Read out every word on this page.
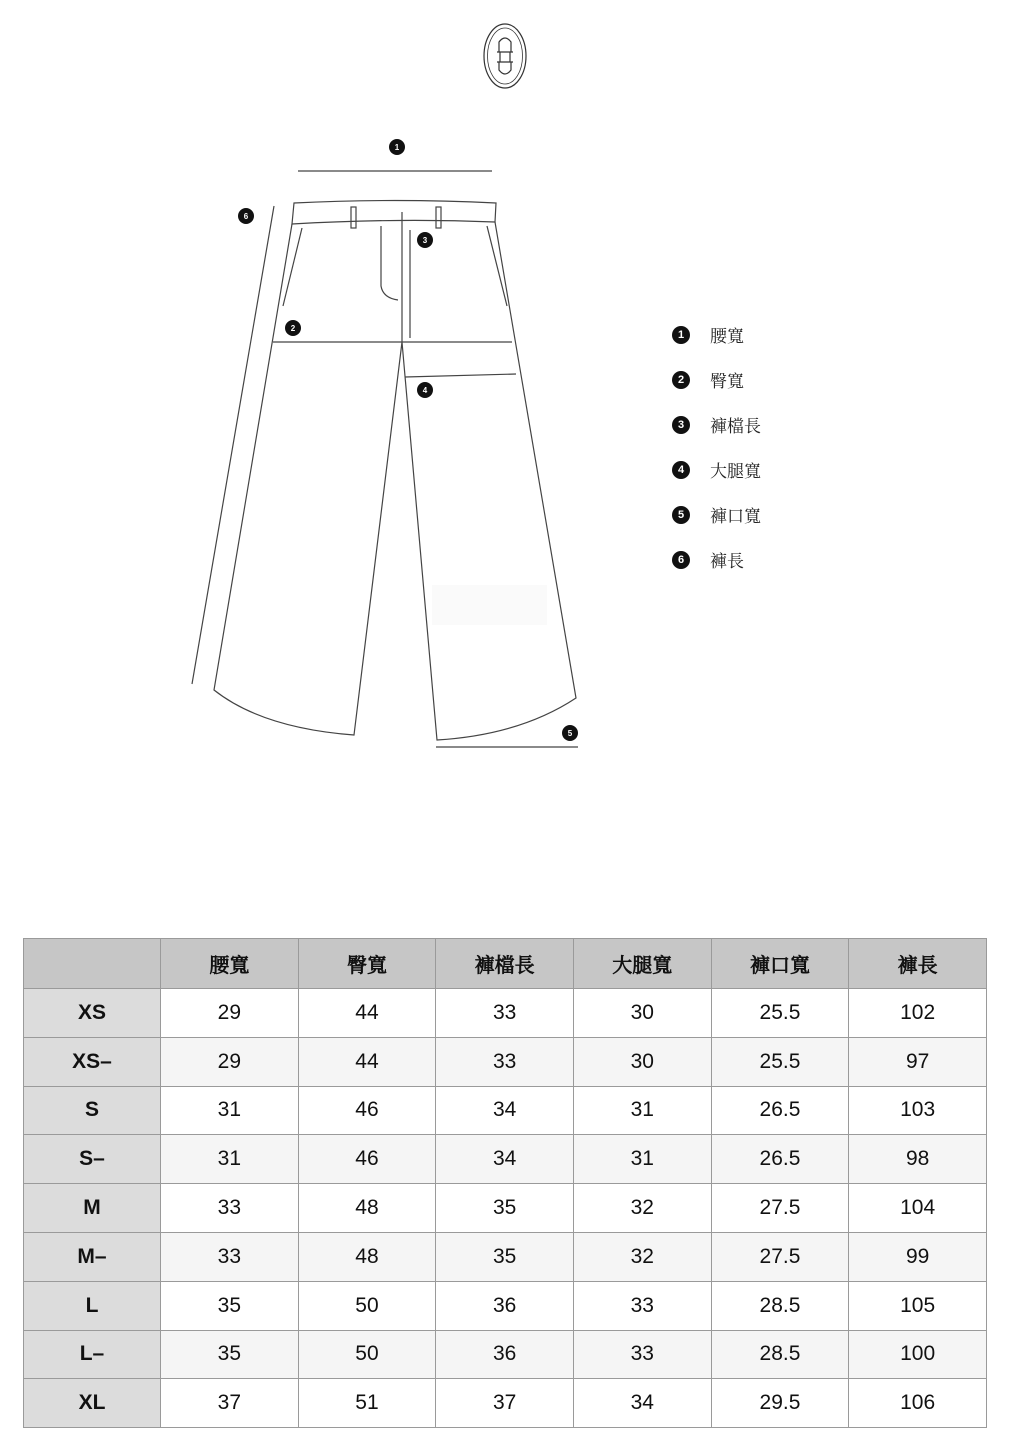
1
2
3
4
5
6
1	腰寬
2	臀寬
3	褲檔長
4	大腿寬
5	褲口寬
6	褲長
	腰寬	臀寬	褲檔長	大腿寬	褲口寬	褲長
XS	29	44	33	30	25.5	102
XS–	29	44	33	30	25.5	97
S	31	46	34	31	26.5	103
S–	31	46	34	31	26.5	98
M	33	48	35	32	27.5	104
M–	33	48	35	32	27.5	99
L	35	50	36	33	28.5	105
L–	35	50	36	33	28.5	100
XL	37	51	37	34	29.5	106
